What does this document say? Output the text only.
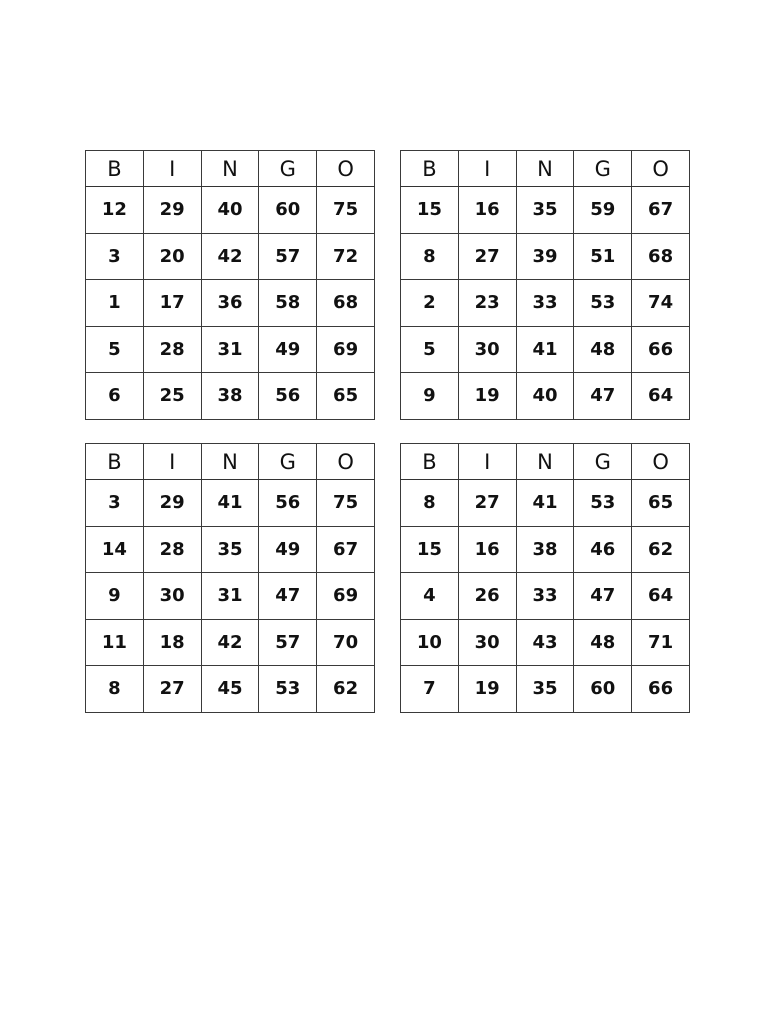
B	I	N	G	O
12	29	40	60	75
3	20	42	57	72
1	17	36	58	68
5	28	31	49	69
6	25	38	56	65
B	I	N	G	O
15	16	35	59	67
8	27	39	51	68
2	23	33	53	74
5	30	41	48	66
9	19	40	47	64
B	I	N	G	O
3	29	41	56	75
14	28	35	49	67
9	30	31	47	69
11	18	42	57	70
8	27	45	53	62
B	I	N	G	O
8	27	41	53	65
15	16	38	46	62
4	26	33	47	64
10	30	43	48	71
7	19	35	60	66
